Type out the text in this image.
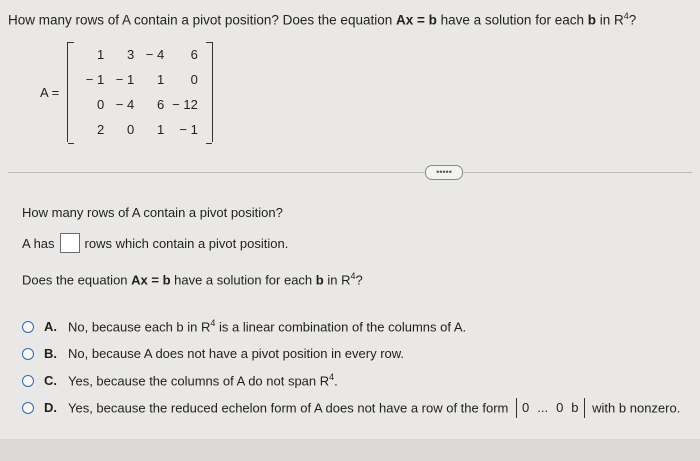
How many rows of A contain a pivot position? Does the equation Ax = b have a solution for each b in $R^4$?
A =
1	3	− 4	6
− 1	− 1	1	0
0	− 4	6	− 12
2	0	1	− 1
•••••
How many rows of A contain a pivot position?
A has rows which contain a pivot position.
Does the equation Ax = b have a solution for each b in $R^4$?
A. No, because each b in $R^4$ is a linear combination of the columns of A.
B. No, because A does not have a pivot position in every row.
C. Yes, because the columns of A do not span $R^4$.
D. Yes, because the reduced echelon form of A does not have a row of the form 0 ... 0 b with b nonzero.
